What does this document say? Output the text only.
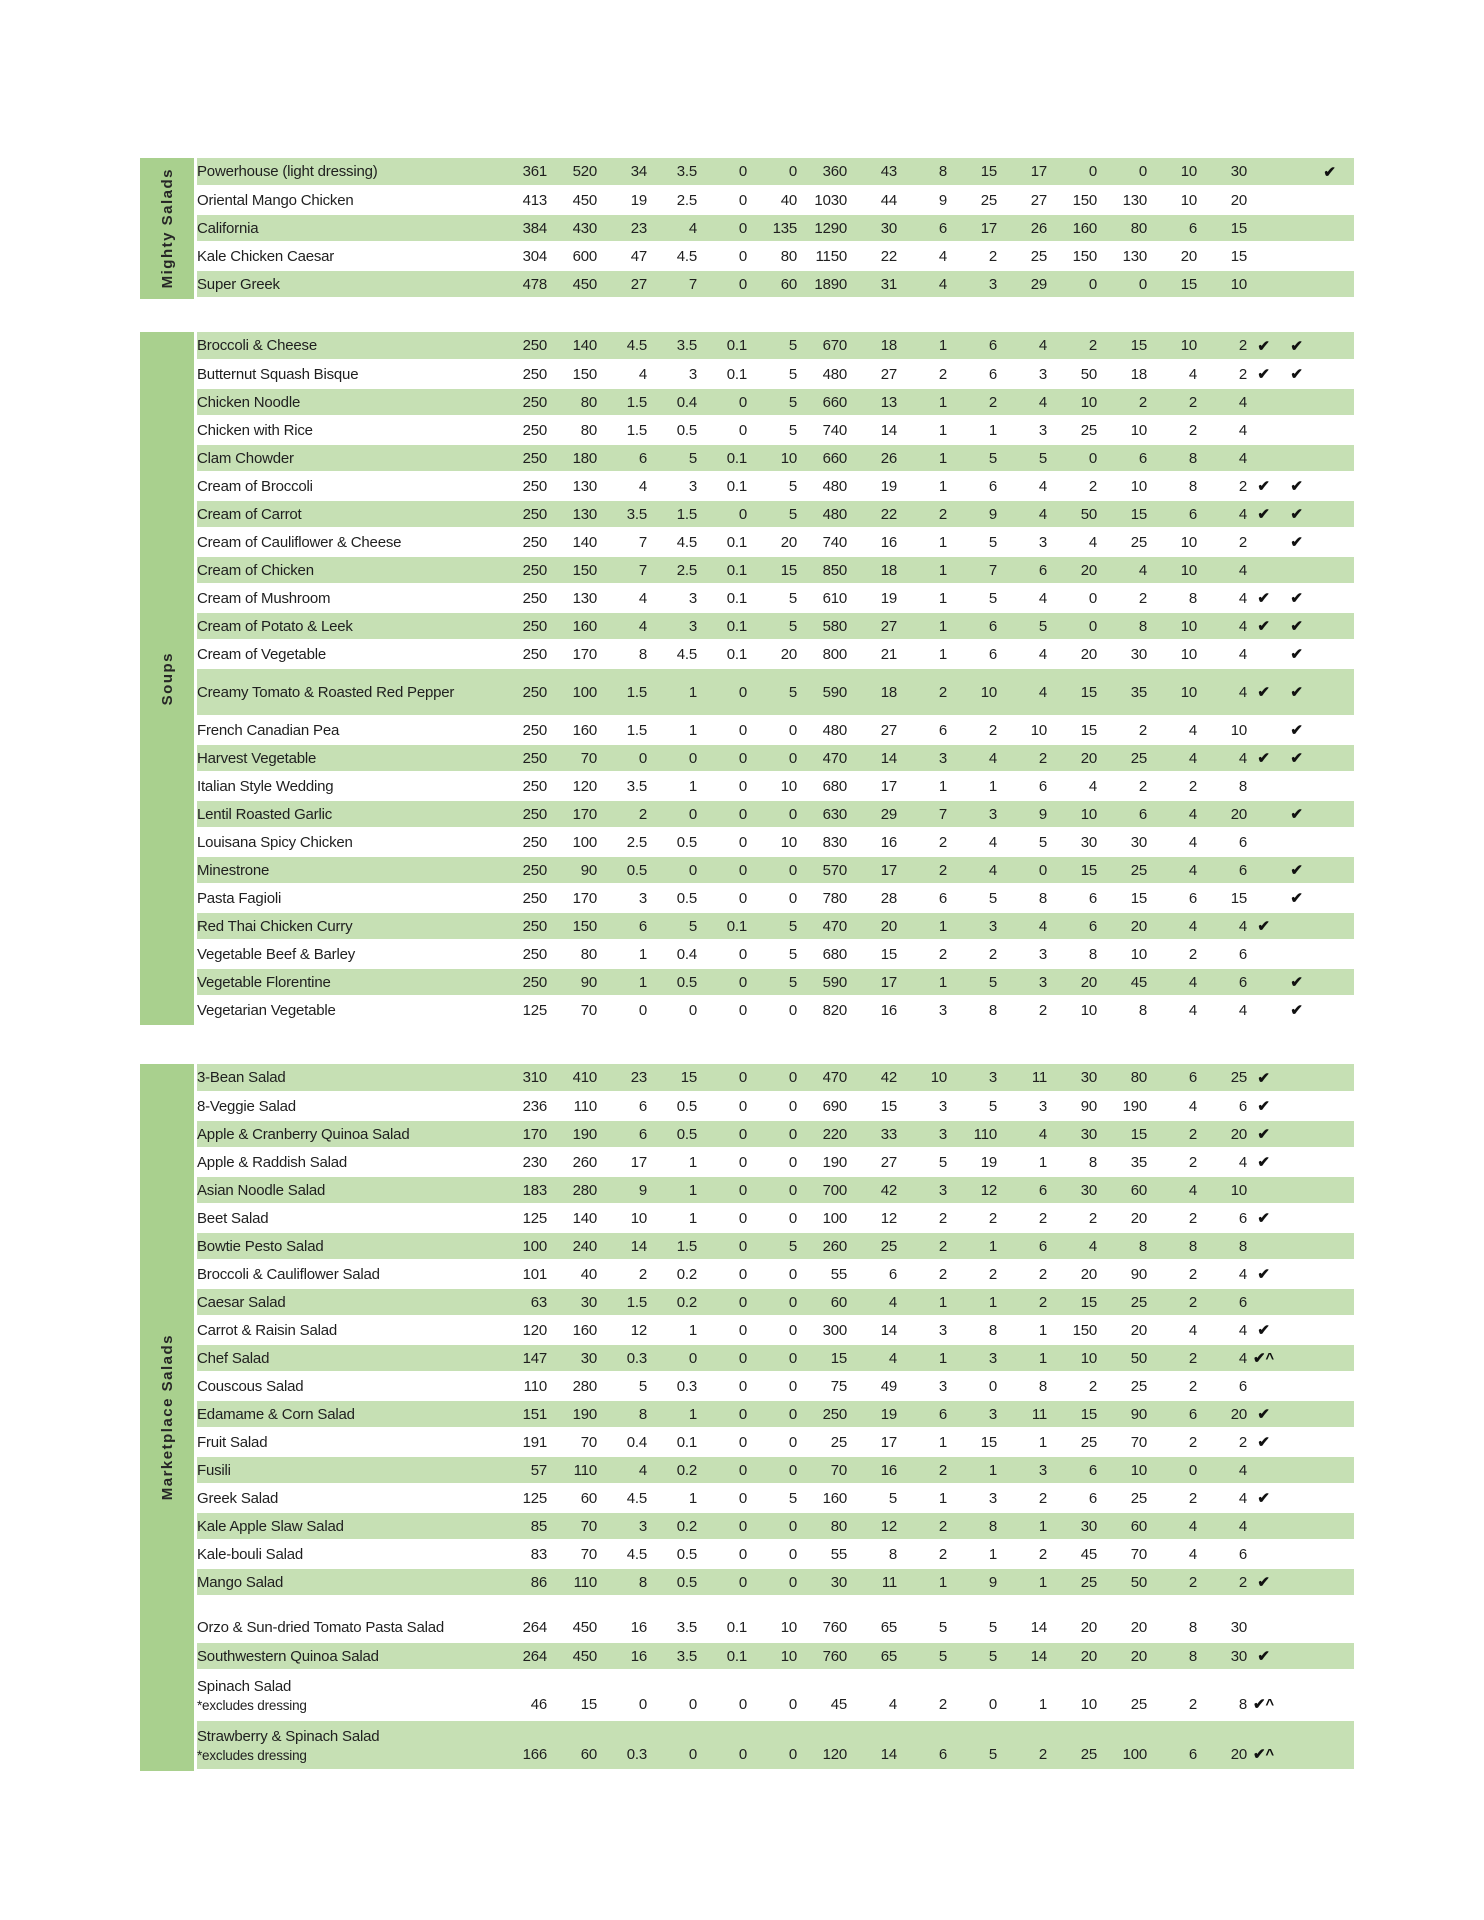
Mighty Salads Powerhouse (light dressing)	361	520	34	3.5	0	0	360	43	8	15	17	0	0	10	30			✔	

Oriental Mango Chicken	413	450	19	2.5	0	40	1030	44	9	25	27	150	130	10	20				

California	384	430	23	4	0	135	1290	30	6	17	26	160	80	6	15				

Kale Chicken Caesar	304	600	47	4.5	0	80	1150	22	4	2	25	150	130	20	15				

Super Greek	478	450	27	7	0	60	1890	31	4	3	29	0	0	15	10				
Soups
Broccoli & Cheese	250	140	4.5	3.5	0.1	5	670	18	1	6	4	2	15	10	2	✔	✔		

Butternut Squash Bisque	250	150	4	3	0.1	5	480	27	2	6	3	50	18	4	2	✔	✔		

Chicken Noodle	250	80	1.5	0.4	0	5	660	13	1	2	4	10	2	2	4				

Chicken with Rice	250	80	1.5	0.5	0	5	740	14	1	1	3	25	10	2	4				

Clam Chowder	250	180	6	5	0.1	10	660	26	1	5	5	0	6	8	4				

Cream of Broccoli	250	130	4	3	0.1	5	480	19	1	6	4	2	10	8	2	✔	✔		

Cream of Carrot	250	130	3.5	1.5	0	5	480	22	2	9	4	50	15	6	4	✔	✔		

Cream of Cauliflower & Cheese	250	140	7	4.5	0.1	20	740	16	1	5	3	4	25	10	2		✔		

Cream of Chicken	250	150	7	2.5	0.1	15	850	18	1	7	6	20	4	10	4				

Cream of Mushroom	250	130	4	3	0.1	5	610	19	1	5	4	0	2	8	4	✔	✔		

Cream of Potato & Leek	250	160	4	3	0.1	5	580	27	1	6	5	0	8	10	4	✔	✔		

Cream of Vegetable	250	170	8	4.5	0.1	20	800	21	1	6	4	20	30	10	4		✔		

Creamy Tomato & Roasted Red Pepper	250	100	1.5	1	0	5	590	18	2	10	4	15	35	10	4	✔	✔		

French Canadian Pea	250	160	1.5	1	0	0	480	27	6	2	10	15	2	4	10		✔		

Harvest Vegetable	250	70	0	0	0	0	470	14	3	4	2	20	25	4	4	✔	✔		

Italian Style Wedding	250	120	3.5	1	0	10	680	17	1	1	6	4	2	2	8				

Lentil Roasted Garlic	250	170	2	0	0	0	630	29	7	3	9	10	6	4	20		✔		

Louisana Spicy Chicken	250	100	2.5	0.5	0	10	830	16	2	4	5	30	30	4	6				

Minestrone	250	90	0.5	0	0	0	570	17	2	4	0	15	25	4	6		✔		

Pasta Fagioli	250	170	3	0.5	0	0	780	28	6	5	8	6	15	6	15		✔		

Red Thai Chicken Curry	250	150	6	5	0.1	5	470	20	1	3	4	6	20	4	4	✔			

Vegetable Beef & Barley	250	80	1	0.4	0	5	680	15	2	2	3	8	10	2	6				

Vegetable Florentine	250	90	1	0.5	0	5	590	17	1	5	3	20	45	4	6		✔		

Vegetarian Vegetable	125	70	0	0	0	0	820	16	3	8	2	10	8	4	4		✔		
Marketplace Salads
3-Bean Salad	310	410	23	15	0	0	470	42	10	3	11	30	80	6	25	✔			

8-Veggie Salad	236	110	6	0.5	0	0	690	15	3	5	3	90	190	4	6	✔			

Apple & Cranberry Quinoa Salad	170	190	6	0.5	0	0	220	33	3	110	4	30	15	2	20	✔			

Apple & Raddish Salad	230	260	17	1	0	0	190	27	5	19	1	8	35	2	4	✔			

Asian Noodle Salad	183	280	9	1	0	0	700	42	3	12	6	30	60	4	10				

Beet Salad	125	140	10	1	0	0	100	12	2	2	2	2	20	2	6	✔			

Bowtie Pesto Salad	100	240	14	1.5	0	5	260	25	2	1	6	4	8	8	8				

Broccoli & Cauliflower Salad	101	40	2	0.2	0	0	55	6	2	2	2	20	90	2	4	✔			

Caesar Salad	63	30	1.5	0.2	0	0	60	4	1	1	2	15	25	2	6				

Carrot & Raisin Salad	120	160	12	1	0	0	300	14	3	8	1	150	20	4	4	✔			

Chef Salad	147	30	0.3	0	0	0	15	4	1	3	1	10	50	2	4	✔^			

Couscous Salad	110	280	5	0.3	0	0	75	49	3	0	8	2	25	2	6				

Edamame & Corn Salad	151	190	8	1	0	0	250	19	6	3	11	15	90	6	20	✔			

Fruit Salad	191	70	0.4	0.1	0	0	25	17	1	15	1	25	70	2	2	✔			

Fusili	57	110	4	0.2	0	0	70	16	2	1	3	6	10	0	4				

Greek Salad	125	60	4.5	1	0	5	160	5	1	3	2	6	25	2	4	✔			

Kale Apple Slaw Salad	85	70	3	0.2	0	0	80	12	2	8	1	30	60	4	4				

Kale-bouli Salad	83	70	4.5	0.5	0	0	55	8	2	1	2	45	70	4	6				

Mango Salad	86	110	8	0.5	0	0	30	11	1	9	1	25	50	2	2	✔			

Orzo & Sun-dried Tomato Pasta Salad	264	450	16	3.5	0.1	10	760	65	5	5	14	20	20	8	30				

Southwestern Quinoa Salad	264	450	16	3.5	0.1	10	760	65	5	5	14	20	20	8	30	✔			

Spinach Salad
*excludes dressing	46	15	0	0	0	0	45	4	2	0	1	10	25	2	8	✔^			

Strawberry & Spinach Salad
*excludes dressing	166	60	0.3	0	0	0	120	14	6	5	2	25	100	6	20	✔^			
